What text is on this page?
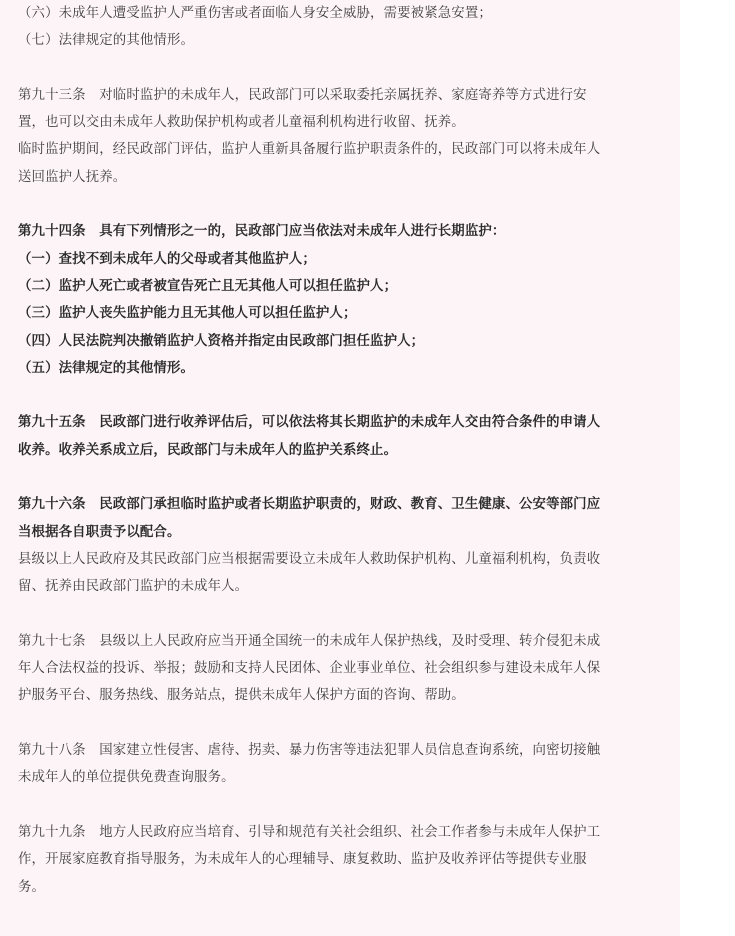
（六）未成年人遭受监护人严重伤害或者面临人身安全威胁，需要被紧急安置；
（七）法律规定的其他情形。
第九十三条　对临时监护的未成年人，民政部门可以采取委托亲属抚养、家庭寄养等方式进行安
置，也可以交由未成年人救助保护机构或者儿童福利机构进行收留、抚养。
临时监护期间，经民政部门评估，监护人重新具备履行监护职责条件的，民政部门可以将未成年人
送回监护人抚养。
第九十四条　具有下列情形之一的，民政部门应当依法对未成年人进行长期监护：
（一）查找不到未成年人的父母或者其他监护人；
（二）监护人死亡或者被宣告死亡且无其他人可以担任监护人；
（三）监护人丧失监护能力且无其他人可以担任监护人；
（四）人民法院判决撤销监护人资格并指定由民政部门担任监护人；
（五）法律规定的其他情形。
第九十五条　民政部门进行收养评估后，可以依法将其长期监护的未成年人交由符合条件的申请人
收养。收养关系成立后，民政部门与未成年人的监护关系终止。
第九十六条　民政部门承担临时监护或者长期监护职责的，财政、教育、卫生健康、公安等部门应
当根据各自职责予以配合。
县级以上人民政府及其民政部门应当根据需要设立未成年人救助保护机构、儿童福利机构，负责收
留、抚养由民政部门监护的未成年人。
第九十七条　县级以上人民政府应当开通全国统一的未成年人保护热线，及时受理、转介侵犯未成
年人合法权益的投诉、举报；鼓励和支持人民团体、企业事业单位、社会组织参与建设未成年人保
护服务平台、服务热线、服务站点，提供未成年人保护方面的咨询、帮助。
第九十八条　国家建立性侵害、虐待、拐卖、暴力伤害等违法犯罪人员信息查询系统，向密切接触
未成年人的单位提供免费查询服务。
第九十九条　地方人民政府应当培育、引导和规范有关社会组织、社会工作者参与未成年人保护工
作，开展家庭教育指导服务，为未成年人的心理辅导、康复救助、监护及收养评估等提供专业服
务。
